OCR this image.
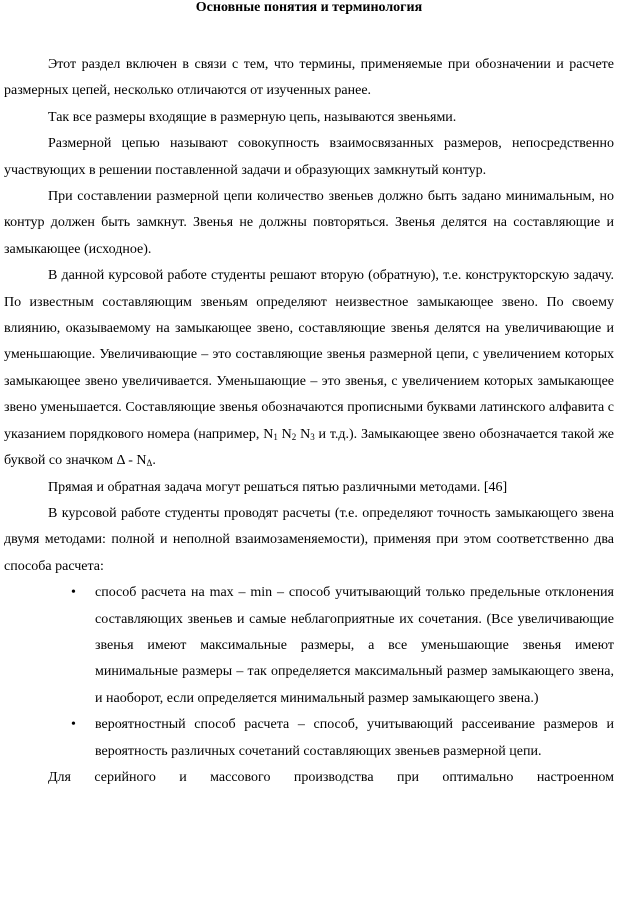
Основные понятия и терминология

Этот раздел включен в связи с тем, что термины, применяемые при обозначении и расчете размерных цепей, несколько отличаются от изученных ранее.

Так все размеры входящие в размерную цепь, называются звеньями.

Размерной цепью называют совокупность взаимосвязанных размеров, непосредственно участвующих в решении поставленной задачи и образующих замкнутый контур.

При составлении размерной цепи количество звеньев должно быть задано минимальным, но контур должен быть замкнут. Звенья не должны повторяться. Звенья делятся на составляющие и замыкающее (исходное).

В данной курсовой работе студенты решают вторую (обратную), т.е. конструкторскую задачу. По известным составляющим звеньям определяют неизвестное замыкающее звено. По своему влиянию, оказываемому на замыкающее звено, составляющие звенья делятся на увеличивающие и уменьшающие. Увеличивающие – это составляющие звенья размерной цепи, с увеличением которых замыкающее звено увеличивается. Уменьшающие – это звенья, с увеличением которых замыкающее звено уменьшается. Составляющие звенья обозначаются прописными буквами латинского алфавита с указанием порядкового номера (например, $N_1$ $N_2$ $N_3$ и т.д.). Замыкающее звено обозначается такой же буквой со значком Δ - $N_\Delta$.

Прямая и обратная задача могут решаться пятью различными методами. [46]

В курсовой работе студенты проводят расчеты (т.е. определяют точность замыкающего звена двумя методами: полной и неполной взаимозаменяемости), применяя при этом соответственно два способа расчета:

• способ расчета на max – min – способ учитывающий только предельные отклонения составляющих звеньев и самые неблагоприятные их сочетания. (Все увеличивающие звенья имеют максимальные размеры, а все уменьшающие звенья имеют минимальные размеры – так определяется максимальный размер замыкающего звена, и наоборот, если определяется минимальный размер замыкающего звена.)
• вероятностный способ расчета – способ, учитывающий рассеивание размеров и вероятность различных сочетаний составляющих звеньев размерной цепи.

Для серийного и массового производства при оптимально настроенном
